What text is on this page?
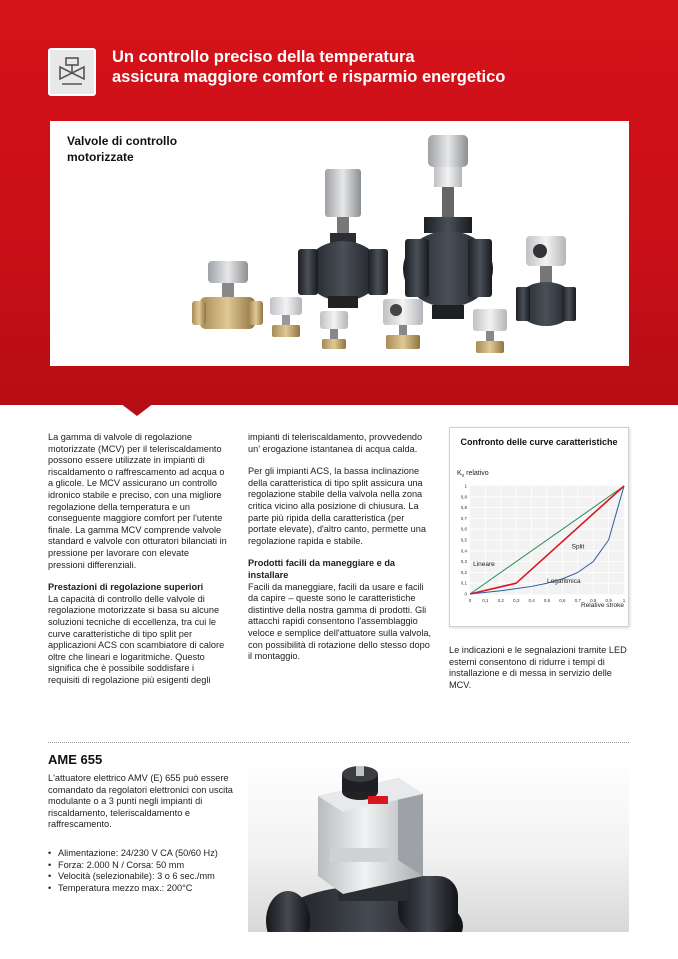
Un controllo preciso della temperatura
assicura maggiore comfort e risparmio energetico
Valvole di controllo motorizzate

La gamma di valvole di regolazione motorizzate (MCV) per il teleriscaldamento possono essere utilizzate in impianti di riscaldamento o raffrescamento ad acqua o a glicole. Le MCV assicurano un controllo idronico stabile e preciso, con una migliore regolazione della temperatura e un conseguente maggiore comfort per l'utente finale. La gamma MCV comprende valvole standard e valvole con otturatori bilanciati in pressione per lavorare con elevate pressioni differenziali.

Prestazioni di regolazione superiori

La capacità di controllo delle valvole di regolazione motorizzate si basa su alcune soluzioni tecniche di eccellenza, tra cui le curve caratteristiche di tipo split per applicazioni ACS con scambiatore di calore oltre che lineari e logaritmiche. Questo significa che è possibile soddisfare i requisiti di regolazione più esigenti degli

impianti di teleriscaldamento, provvedendo un' erogazione istantanea di acqua calda.

Per gli impianti ACS, la bassa inclinazione della caratteristica di tipo split assicura una regolazione stabile della valvola nella zona critica vicino alla posizione di chiusura. La parte più ripida della caratteristica (per portate elevate), d'altro canto, permette una regolazione rapida e stabile.

Prodotti facili da maneggiare e da installare

Facili da maneggiare, facili da usare e facili da capire – queste sono le caratteristiche distintive della nostra gamma di prodotti. Gli attacchi rapidi consentono l'assemblaggio veloce e semplice dell'attuatore sulla valvola, con possibilità di rotazione dello stesso dopo il montaggio.

Confronto delle curve caratteristiche
$K_v$ relativo
Relative stroke
0 0,1 0,2 0,3 0,4 0,5 0,6 0,7 0,8 0,9 1
0
0,1
0,2
0,3
0,4
0,5
0,6
0,7
0,8
0,9
1
Lineare
Split
Logaritmica
Le indicazioni e le segnalazioni tramite LED esterni consentono di ridurre i tempi di installazione e di messa in servizio delle MCV.
AME 655
L'attuatore elettrico AMV (E) 655 può essere comandato da regolatori elettronici con uscita modulante o a 3 punti negli impianti di riscaldamento, teleriscaldamento e raffrescamento.
• Alimentazione: 24/230 V CA (50/60 Hz)
• Forza: 2.000 N / Corsa: 50 mm
• Velocità (selezionabile): 3 o 6 sec./mm
• Temperatura mezzo max.: 200°C
